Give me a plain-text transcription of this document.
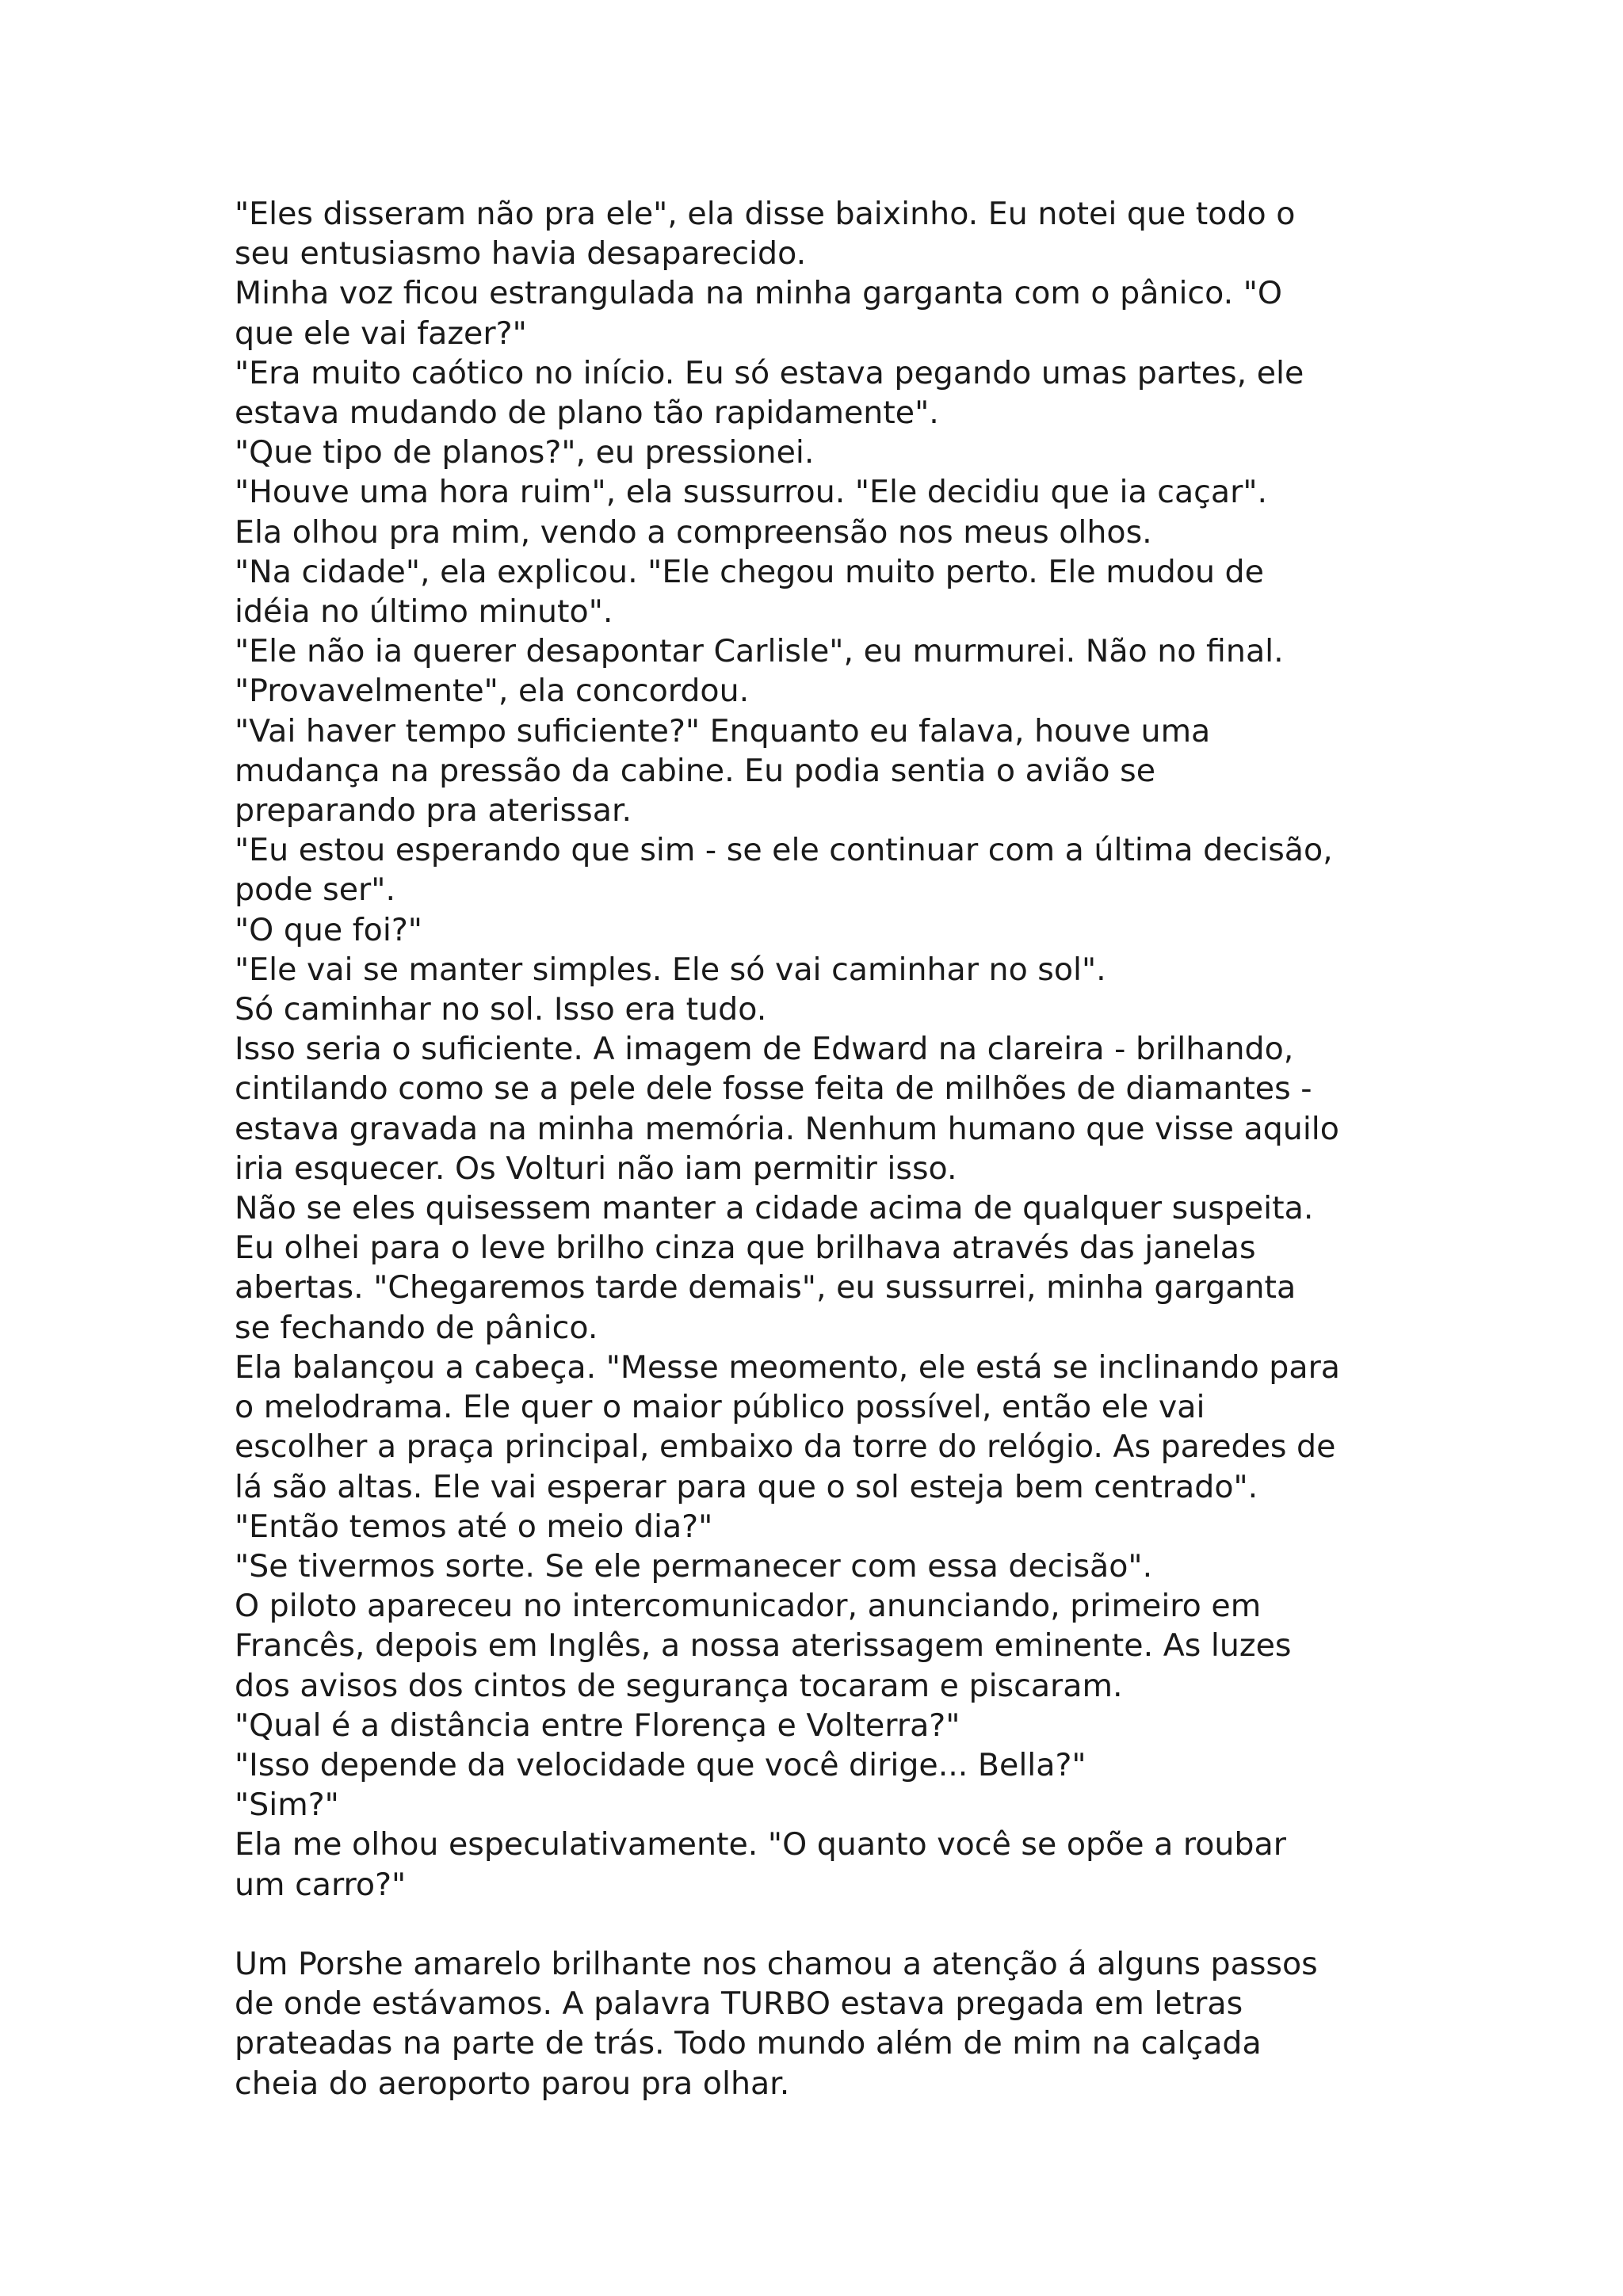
"Eles disseram não pra ele", ela disse baixinho. Eu notei que todo o

seu entusiasmo havia desaparecido.

Minha voz ficou estrangulada na minha garganta com o pânico. "O

que ele vai fazer?"

"Era muito caótico no início. Eu só estava pegando umas partes, ele

estava mudando de plano tão rapidamente".

"Que tipo de planos?", eu pressionei.

"Houve uma hora ruim", ela sussurrou. "Ele decidiu que ia caçar".

Ela olhou pra mim, vendo a compreensão nos meus olhos.

"Na cidade", ela explicou. "Ele chegou muito perto. Ele mudou de

idéia no último minuto".

"Ele não ia querer desapontar Carlisle", eu murmurei. Não no final.

"Provavelmente", ela concordou.

"Vai haver tempo suficiente?" Enquanto eu falava, houve uma

mudança na pressão da cabine. Eu podia sentia o avião se

preparando pra aterissar.

"Eu estou esperando que sim - se ele continuar com a última decisão,

pode ser".

"O que foi?"

"Ele vai se manter simples. Ele só vai caminhar no sol".

Só caminhar no sol. Isso era tudo.

Isso seria o suficiente. A imagem de Edward na clareira - brilhando,

cintilando como se a pele dele fosse feita de milhões de diamantes -

estava gravada na minha memória. Nenhum humano que visse aquilo

iria esquecer. Os Volturi não iam permitir isso.

Não se eles quisessem manter a cidade acima de qualquer suspeita.

Eu olhei para o leve brilho cinza que brilhava através das janelas

abertas. "Chegaremos tarde demais", eu sussurrei, minha garganta

se fechando de pânico.

Ela balançou a cabeça. "Messe meomento, ele está se inclinando para

o melodrama. Ele quer o maior público possível, então ele vai

escolher a praça principal, embaixo da torre do relógio. As paredes de

lá são altas. Ele vai esperar para que o sol esteja bem centrado".

"Então temos até o meio dia?"

"Se tivermos sorte. Se ele permanecer com essa decisão".

O piloto apareceu no intercomunicador, anunciando, primeiro em

Francês, depois em Inglês, a nossa aterissagem eminente. As luzes

dos avisos dos cintos de segurança tocaram e piscaram.

"Qual é a distância entre Florença e Volterra?"

"Isso depende da velocidade que você dirige... Bella?"

"Sim?"

Ela me olhou especulativamente. "O quanto você se opõe a roubar

um carro?"

Um Porshe amarelo brilhante nos chamou a atenção á alguns passos

de onde estávamos. A palavra TURBO estava pregada em letras

prateadas na parte de trás. Todo mundo além de mim na calçada

cheia do aeroporto parou pra olhar.
